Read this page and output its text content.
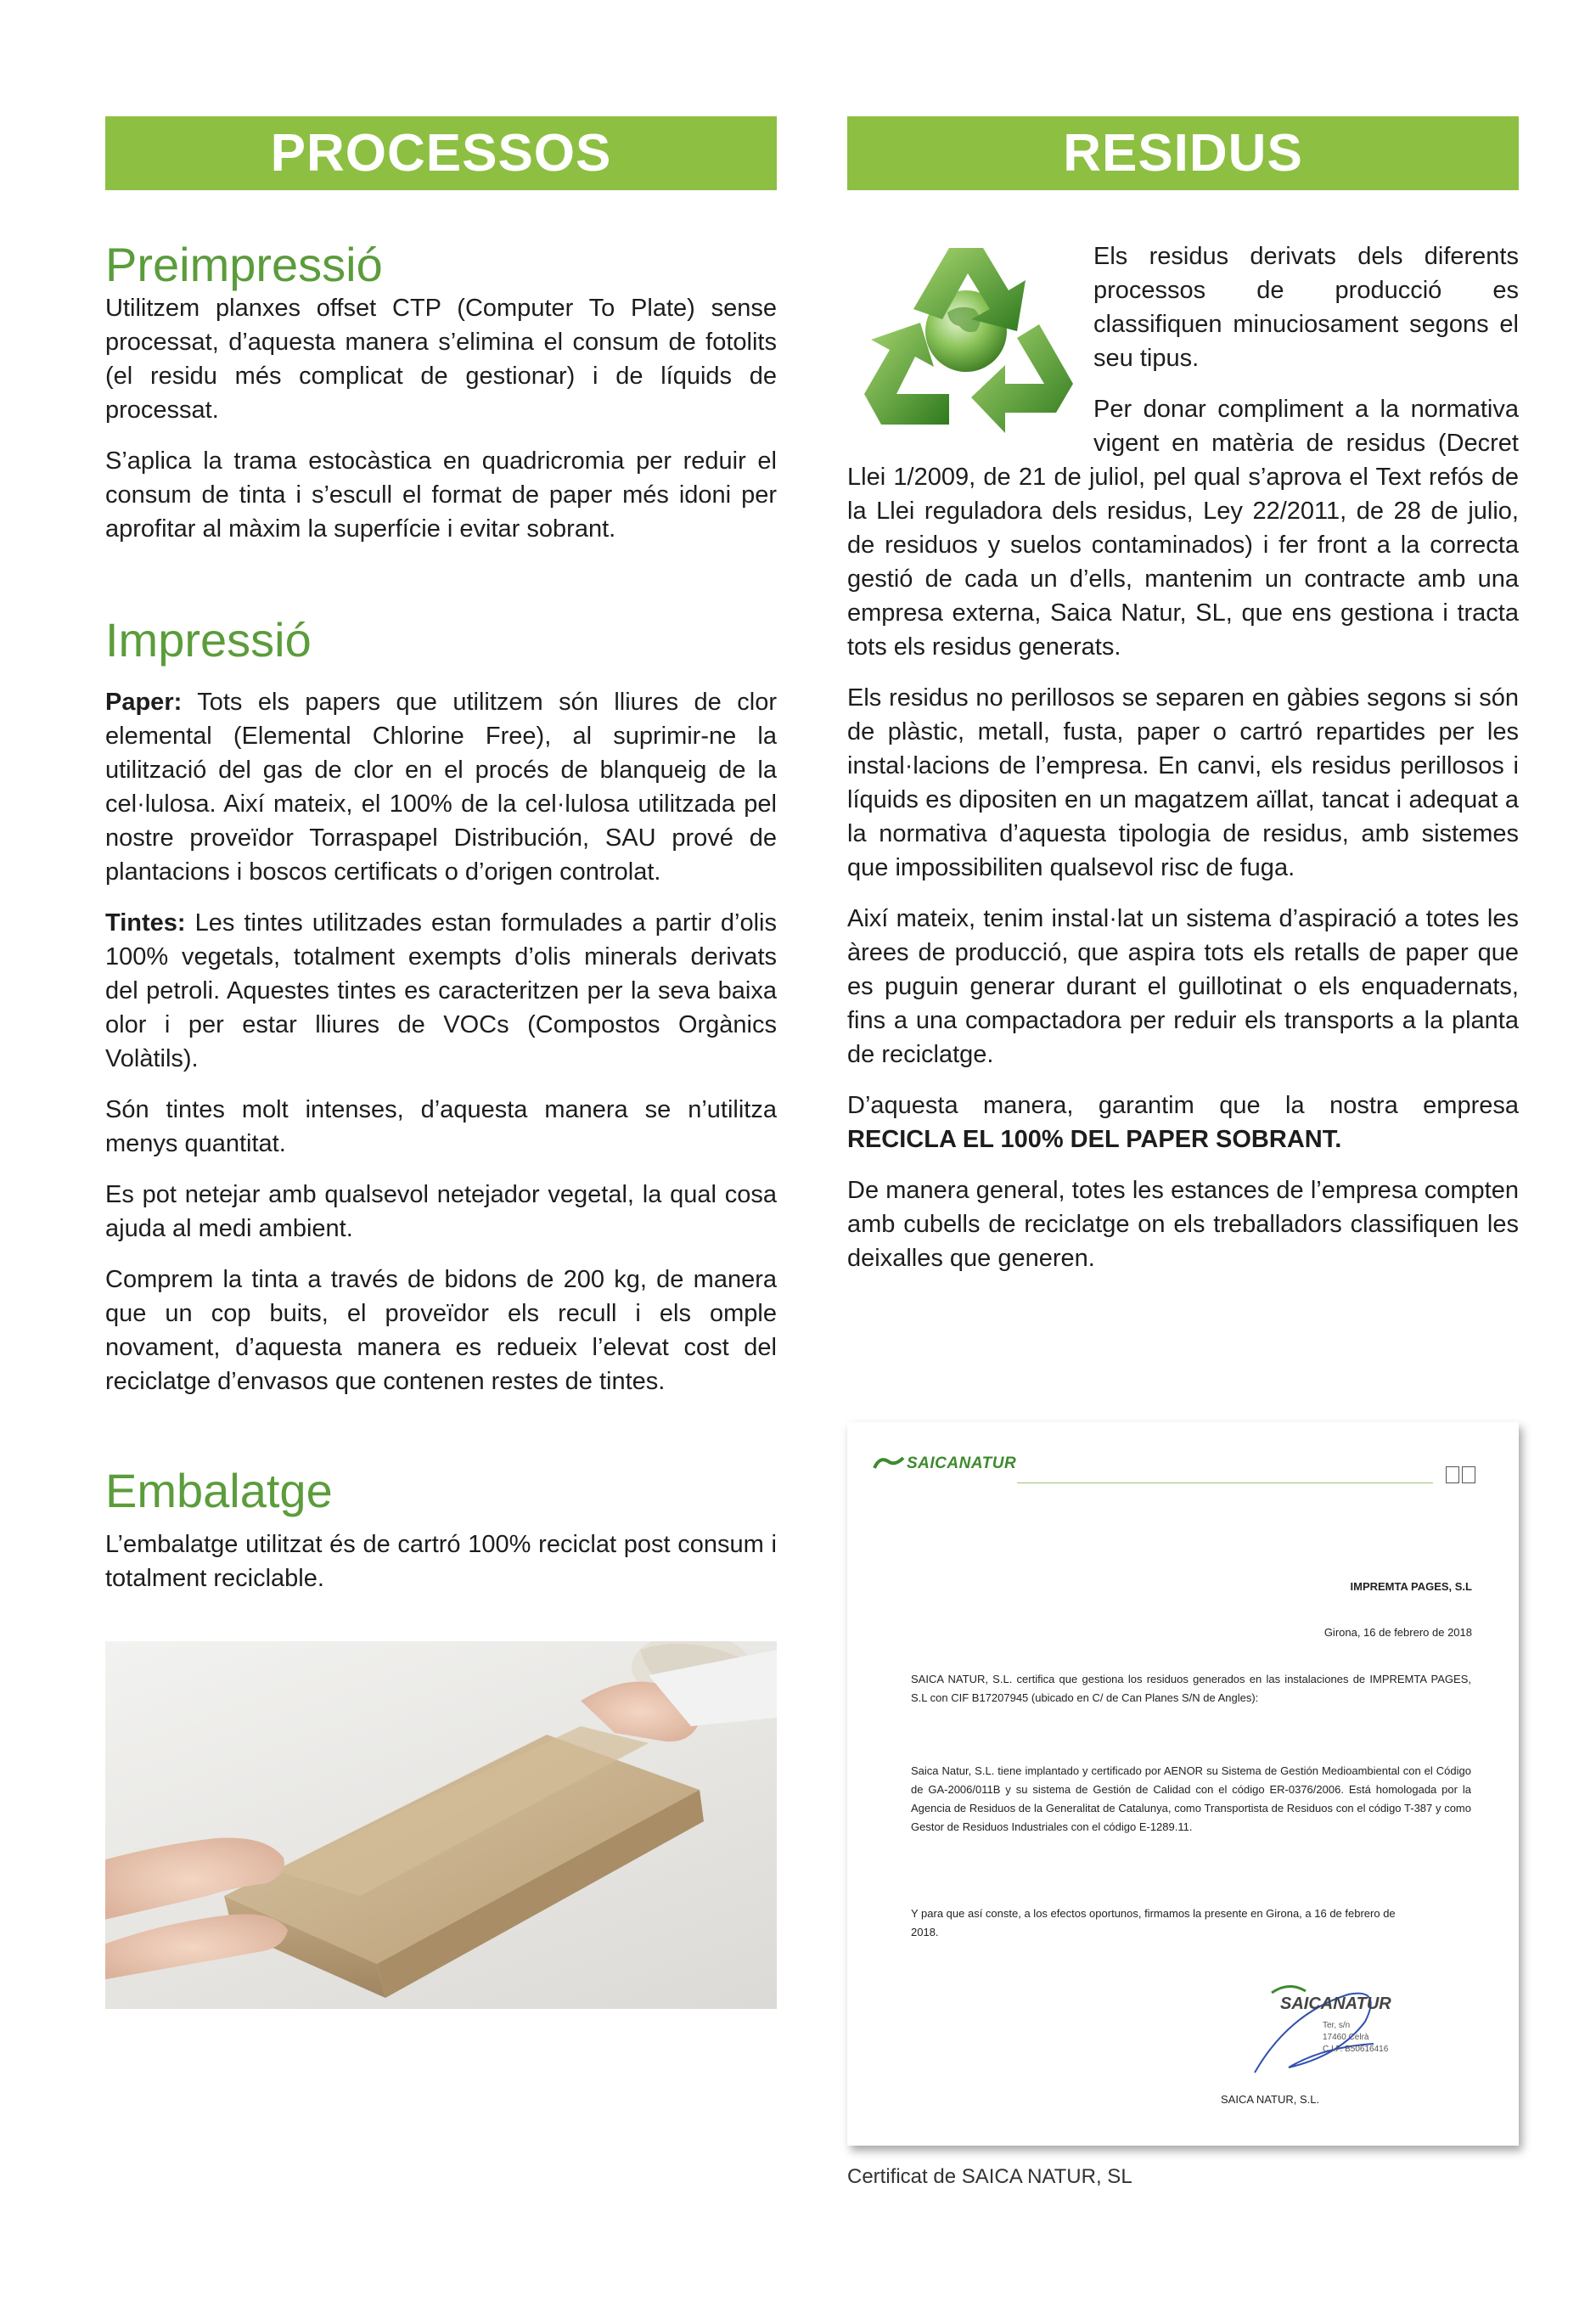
PROCESSOS
Preimpressió

Utilitzem planxes offset CTP (Computer To Plate) sense processat, d’aquesta manera s’elimina el consum de fotolits (el residu més complicat de gestionar) i de líquids de processat.

S’aplica la trama estocàstica en quadricromia per reduir el consum de tinta i s’escull el format de paper més idoni per aprofitar al màxim la superfície i evitar sobrant.

Impressió

Paper: Tots els papers que utilitzem són lliures de clor elemental (Elemental Chlorine Free), al suprimir-ne la utilització del gas de clor en el procés de blanqueig de la cel·lulosa. Així mateix, el 100% de la cel·lulosa utilitzada pel nostre proveïdor Torraspapel Distribución, SAU prové de plantacions i boscos certificats o d’origen controlat.

Tintes: Les tintes utilitzades estan formulades a partir d’olis 100% vegetals, totalment exempts d’olis minerals derivats del petroli. Aquestes tintes es caracteritzen per la seva baixa olor i per estar lliures de VOCs (Compostos Orgànics Volàtils).

Són tintes molt intenses, d’aquesta manera se n’utilitza menys quantitat.

Es pot netejar amb qualsevol netejador vegetal, la qual cosa ajuda al medi ambient.

Comprem la tinta a través de bidons de 200 kg, de manera que un cop buits, el proveïdor els recull i els omple novament, d’aquesta manera es redueix l’elevat cost del reciclatge d’envasos que contenen restes de tintes.

Embalatge

L’embalatge utilitzat és de cartró 100% reciclat post consum i totalment reciclable.

RESIDUS

Els residus derivats dels diferents processos de producció es classifiquen minuciosament segons el seu tipus.

Per donar compliment a la normativa vigent en matèria de residus (Decret Llei 1/2009, de 21 de juliol, pel qual s’aprova el Text refós de la Llei reguladora dels residus, Ley 22/2011, de 28 de julio, de residuos y suelos contaminados) i fer front a la correcta gestió de cada un d’ells, mantenim un contracte amb una empresa externa, Saica Natur, SL, que ens gestiona i tracta tots els residus generats.

Els residus no perillosos se separen en gàbies segons si són de plàstic, metall, fusta, paper o cartró repartides per les instal·lacions de l’empresa. En canvi, els residus perillosos i líquids es dipositen en un magatzem aïllat, tancat i adequat a la normativa d’aquesta tipologia de residus, amb sistemes que impossibiliten qualsevol risc de fuga.

Així mateix, tenim instal·lat un sistema d’aspiració a totes les àrees de producció, que aspira tots els retalls de paper que es puguin generar durant el guillotinat o els enquadernats, fins a una compactadora per reduir els transports a la planta de reciclatge.

D’aquesta manera, garantim que la nostra empresa RECICLA EL 100% DEL PAPER SOBRANT.

De manera general, totes les estances de l’empresa compten amb cubells de reciclatge on els treballadors classifiquen les deixalles que generen.

SAICANATUR
IMPREMTA PAGES, S.L
Girona, 16 de febrero de 2018

SAICA NATUR, S.L. certifica que gestiona los residuos generados en las instalaciones de IMPREMTA PAGES, S.L con CIF B17207945 (ubicado en C/ de Can Planes S/N de Angles):

Saica Natur, S.L. tiene implantado y certificado por AENOR su Sistema de Gestión Medioambiental con el Código de GA-2006/011B y su sistema de Gestión de Calidad con el código ER-0376/2006. Está homologada por la Agencia de Residuos de la Generalitat de Catalunya, como Transportista de Residuos con el código T-387 y como Gestor de Residuos Industriales con el código E-1289.11.

Y para que así conste, a los efectos oportunos, firmamos la presente en Girona, a 16 de febrero de 2018.

SAICANATUR
Ter, s/n
17460 Celrà
C.I.F. B50616416
SAICA NATUR, S.L.
Certificat de SAICA NATUR, SL
